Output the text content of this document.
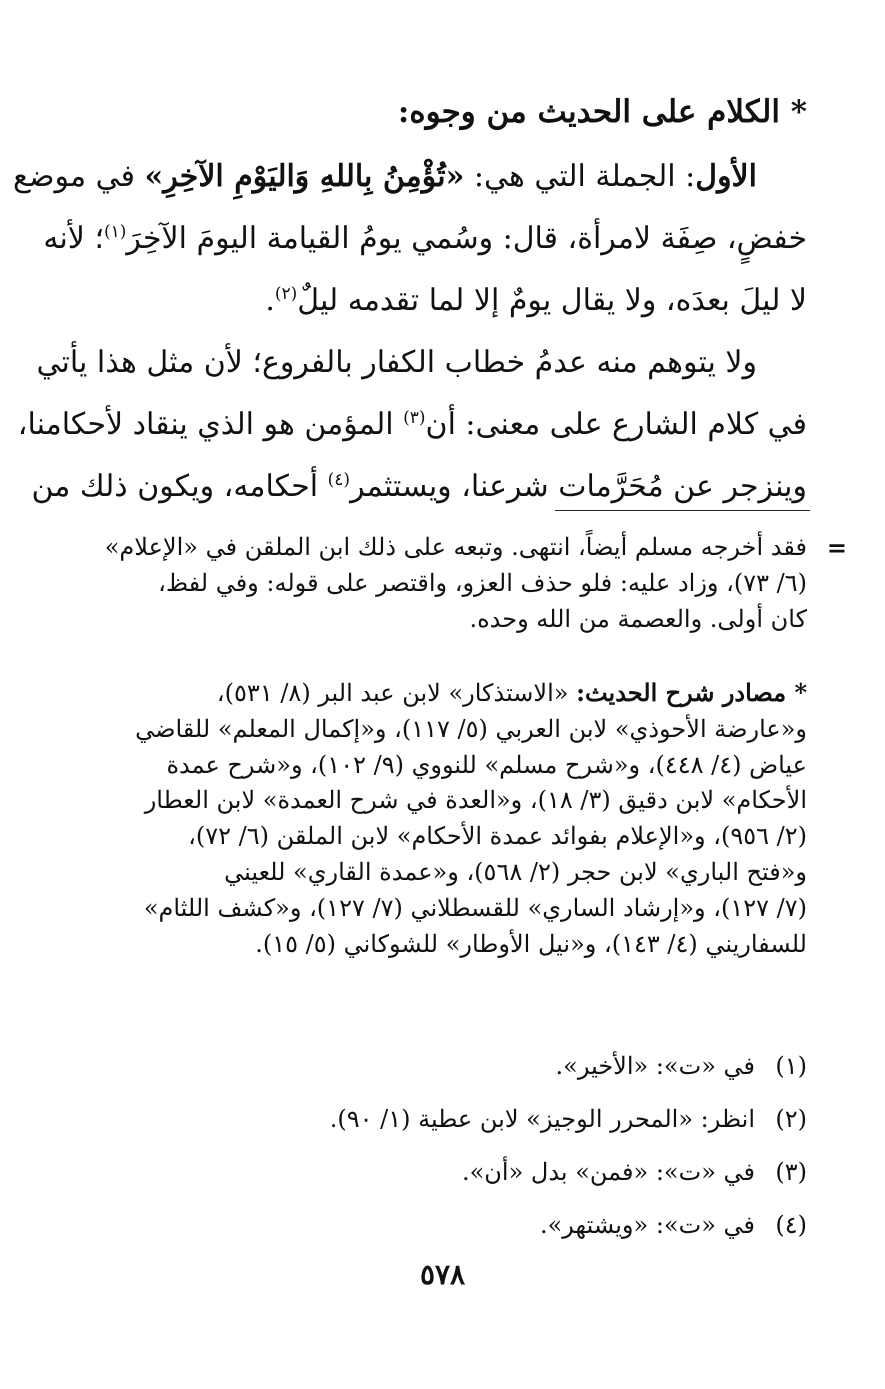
* الكلام على الحديث من وجوه:
الأول: الجملة التي هي: «تُؤْمِنُ بِاللهِ وَاليَوْمِ الآخِرِ» في موضع
خفضٍ، صِفَة لامرأة، قال: وسُمي يومُ القيامة اليومَ الآخِرَ$^{(١)}$؛ لأنه
لا ليلَ بعدَه، ولا يقال يومٌ إلا لما تقدمه ليلٌ$^{(٢)}$.
ولا يتوهم منه عدمُ خطاب الكفار بالفروع؛ لأن مثل هذا يأتي
في كلام الشارع على معنى: أن$^{(٣)}$ المؤمن هو الذي ينقاد لأحكامنا،
وينزجر عن مُحَرَّمات شرعنا، ويستثمر$^{(٤)}$ أحكامه، ويكون ذلك من
=
فقد أخرجه مسلم أيضاً، انتهى. وتبعه على ذلك ابن الملقن في «الإعلام»
(٦/ ٧٣)، وزاد عليه: فلو حذف العزو، واقتصر على قوله: وفي لفظ،
كان أولى. والعصمة من الله وحده.
* مصادر شرح الحديث: «الاستذكار» لابن عبد البر (٨/ ٥٣١)،
و«عارضة الأحوذي» لابن العربي (٥/ ١١٧)، و«إكمال المعلم» للقاضي
عياض (٤/ ٤٤٨)، و«شرح مسلم» للنووي (٩/ ١٠٢)، و«شرح عمدة
الأحكام» لابن دقيق (٣/ ١٨)، و«العدة في شرح العمدة» لابن العطار
(٢/ ٩٥٦)، و«الإعلام بفوائد عمدة الأحكام» لابن الملقن (٦/ ٧٢)،
و«فتح الباري» لابن حجر (٢/ ٥٦٨)، و«عمدة القاري» للعيني
(٧/ ١٢٧)، و«إرشاد الساري» للقسطلاني (٧/ ١٢٧)، و«كشف اللثام»
للسفاريني (٤/ ١٤٣)، و«نيل الأوطار» للشوكاني (٥/ ١٥).
(١)في «ت»: «الأخير».
(٢)انظر: «المحرر الوجيز» لابن عطية (١/ ٩٠).
(٣)في «ت»: «فمن» بدل «أن».
(٤)في «ت»: «ويشتهر».
٥٧٨
